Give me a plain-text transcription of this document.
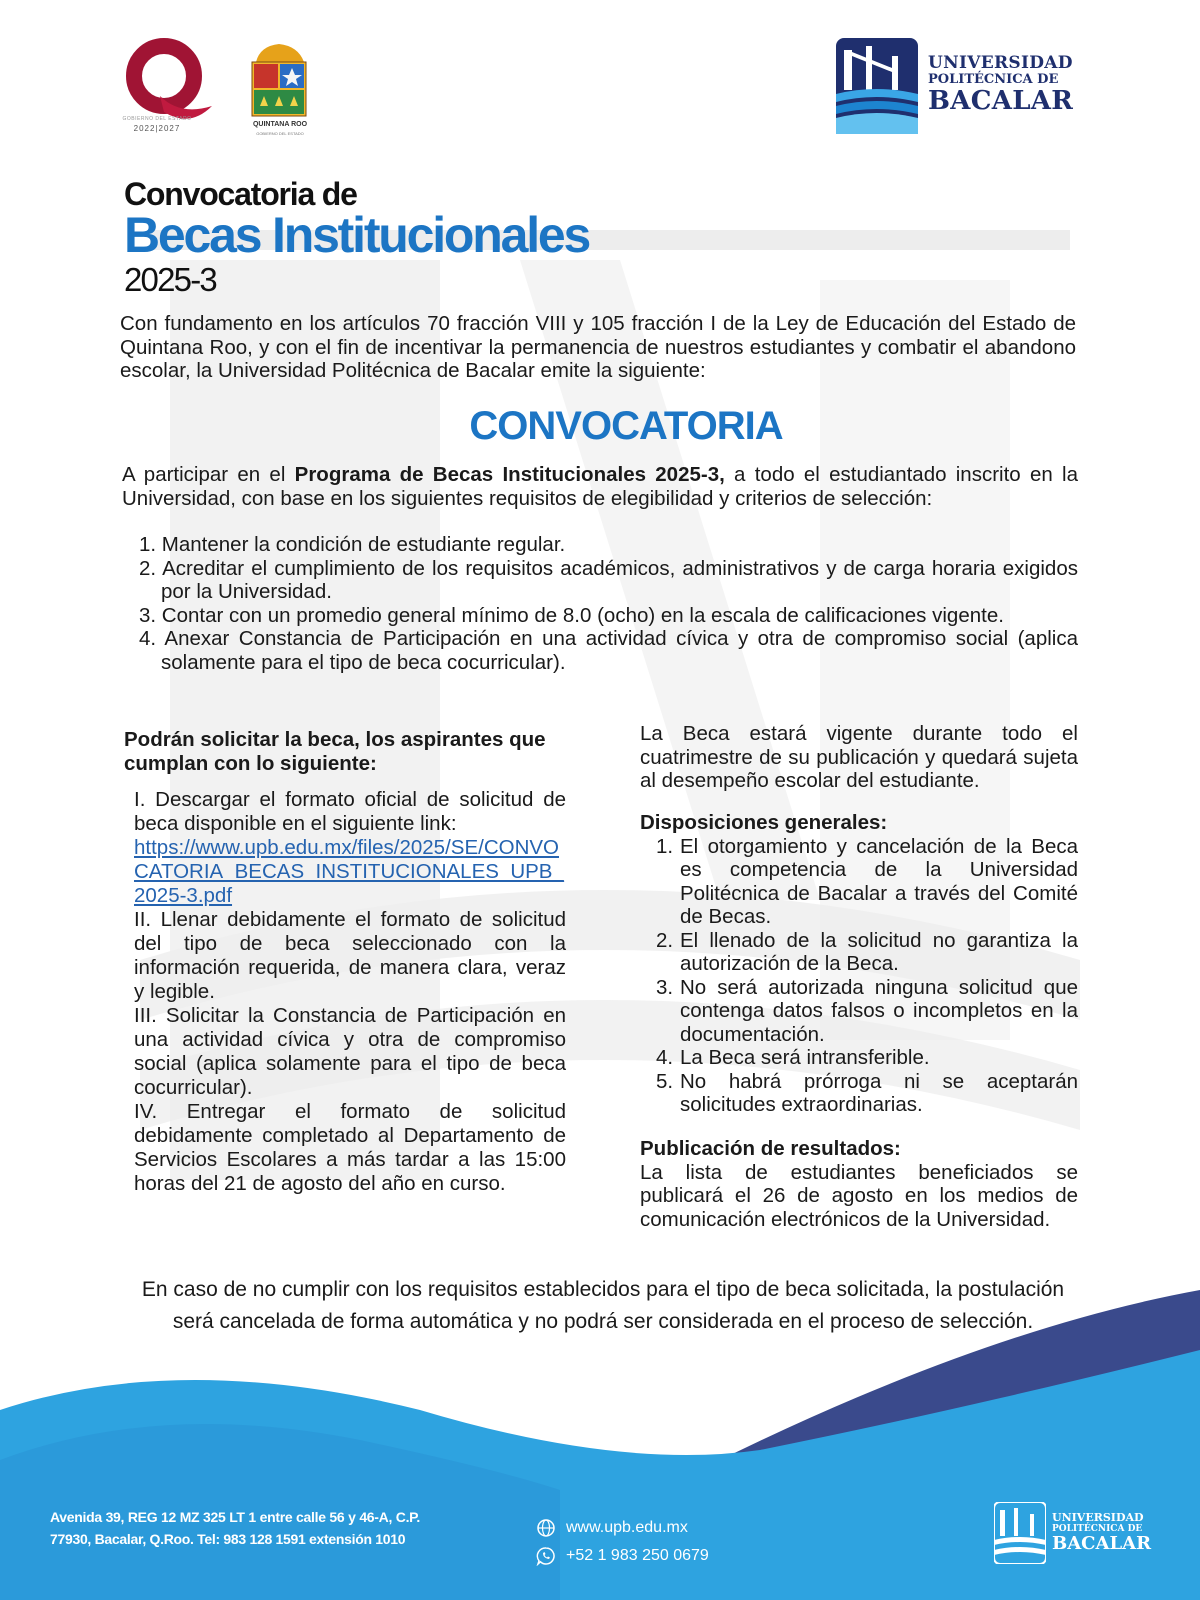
GOBIERNO DEL ESTADO
2022|2027	QUINTANA ROO
GOBIERNO DEL ESTADO
UNIVERSIDAD
POLITÉCNICA DE
BACALAR
Convocatoria de
Becas Institucionales
2025-3
Con fundamento en los artículos 70 fracción VIII y 105 fracción I de la Ley de Educación del Estado de Quintana Roo, y con el fin de incentivar la permanencia de nuestros estudiantes y combatir el abandono escolar, la Universidad Politécnica de Bacalar emite la siguiente:
CONVOCATORIA
A participar en el Programa de Becas Institucionales 2025-3, a todo el estudiantado inscrito en la Universidad, con base en los siguientes requisitos de elegibilidad y criterios de selección:
1. Mantener la condición de estudiante regular.
2. Acreditar el cumplimiento de los requisitos académicos, administrativos y de carga horaria exigidos por la Universidad.
3. Contar con un promedio general mínimo de 8.0 (ocho) en la escala de calificaciones vigente.
4. Anexar Constancia de Participación en una actividad cívica y otra de compromiso social (aplica solamente para el tipo de beca cocurricular).
Podrán solicitar la beca, los aspirantes que cumplan con lo siguiente:
I. Descargar el formato oficial de solicitud de beca disponible en el siguiente link:
https://www.upb.edu.mx/files/2025/SE/CONVOCATORIA_BECAS_INSTITUCIONALES_UPB_2025-3.pdf
II. Llenar debidamente el formato de solicitud del tipo de beca seleccionado con la información requerida, de manera clara, veraz y legible.
III. Solicitar la Constancia de Participación en una actividad cívica y otra de compromiso social (aplica solamente para el tipo de beca cocurricular).
IV. Entregar el formato de solicitud debidamente completado al Departamento de Servicios Escolares a más tardar a las 15:00 horas del 21 de agosto del año en curso.

La Beca estará vigente durante todo el cuatrimestre de su publicación y quedará sujeta al desempeño escolar del estudiante.

Disposiciones generales:
1. El otorgamiento y cancelación de la Beca es competencia de la Universidad Politécnica de Bacalar a través del Comité de Becas.
2. El llenado de la solicitud no garantiza la autorización de la Beca.
3. No será autorizada ninguna solicitud que contenga datos falsos o incompletos en la documentación.
4. La Beca será intransferible.
5. No habrá prórroga ni se aceptarán solicitudes extraordinarias.
Publicación de resultados:

La lista de estudiantes beneficiados se publicará el 26 de agosto en los medios de comunicación electrónicos de la Universidad.

En caso de no cumplir con los requisitos establecidos para el tipo de beca solicitada, la postulación será cancelada de forma automática y no podrá ser considerada en el proceso de selección.
Avenida 39, REG 12 MZ 325 LT 1 entre calle 56 y 46-A, C.P. 77930, Bacalar, Q.Roo. Tel: 983 128 1591 extensión 1010
www.upb.edu.mx
+52 1 983 250 0679
UNIVERSIDAD
POLITÉCNICA DE
BACALAR
